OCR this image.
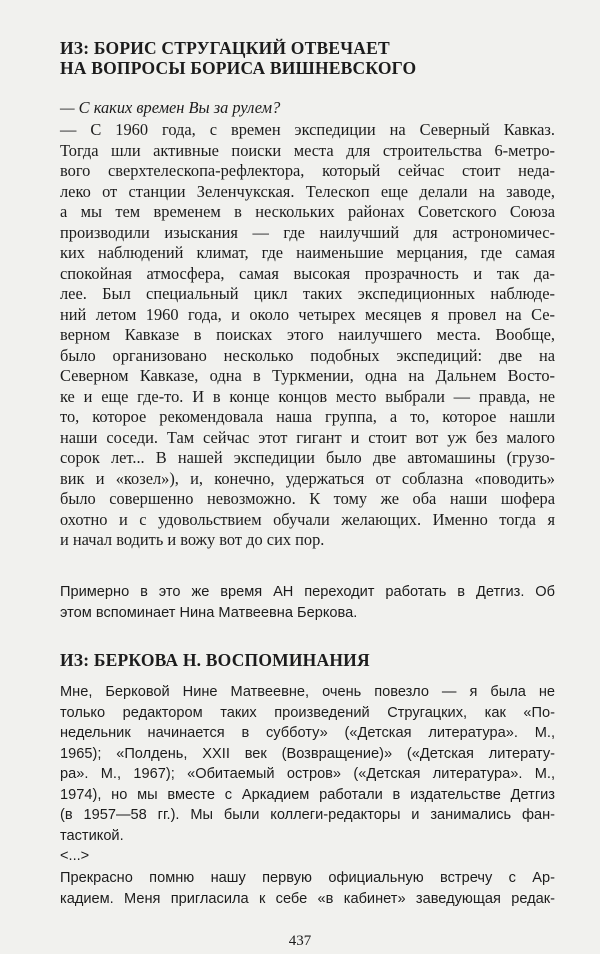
ИЗ: БОРИС СТРУГАЦКИЙ ОТВЕЧАЕТ
НА ВОПРОСЫ БОРИСА ВИШНЕВСКОГО
— С каких времен Вы за рулем?
— С 1960 года, с времен экспедиции на Северный Кавказ.
Тогда шли активные поиски места для строительства 6-метро-
вого сверхтелескопа-рефлектора, который сейчас стоит неда-
леко от станции Зеленчукская. Телескоп еще делали на заводе,
а мы тем временем в нескольких районах Советского Союза
производили изыскания — где наилучший для астрономичес-
ких наблюдений климат, где наименьшие мерцания, где самая
спокойная атмосфера, самая высокая прозрачность и так да-
лее. Был специальный цикл таких экспедиционных наблюде-
ний летом 1960 года, и около четырех месяцев я провел на Се-
верном Кавказе в поисках этого наилучшего места. Вообще,
было организовано несколько подобных экспедиций: две на
Северном Кавказе, одна в Туркмении, одна на Дальнем Восто-
ке и еще где-то. И в конце концов место выбрали — правда, не
то, которое рекомендовала наша группа, а то, которое нашли
наши соседи. Там сейчас этот гигант и стоит вот уж без малого
сорок лет... В нашей экспедиции было две автомашины (грузо-
вик и «козел»), и, конечно, удержаться от соблазна «поводить»
было совершенно невозможно. К тому же оба наши шофера
охотно и с удовольствием обучали желающих. Именно тогда я
и начал водить и вожу вот до сих пор.
Примерно в это же время АН переходит работать в Детгиз. Об
этом вспоминает Нина Матвеевна Беркова.
ИЗ: БЕРКОВА Н. ВОСПОМИНАНИЯ
Мне, Берковой Нине Матвеевне, очень повезло — я была не
только редактором таких произведений Стругацких, как «По-
недельник начинается в субботу» («Детская литература». М.,
1965); «Полдень, XXII век (Возвращение)» («Детская литерату-
ра». М., 1967); «Обитаемый остров» («Детская литература». М.,
1974), но мы вместе с Аркадием работали в издательстве Детгиз
(в 1957—58 гг.). Мы были коллеги-редакторы и занимались фан-
тастикой.
<...>
Прекрасно помню нашу первую официальную встречу с Ар-
кадием. Меня пригласила к себе «в кабинет» заведующая редак-
437
